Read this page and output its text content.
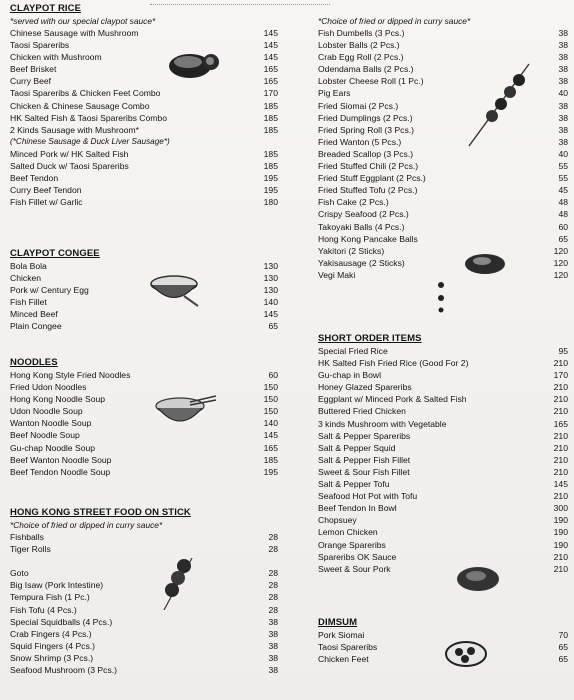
CLAYPOT RICE
*served with our special claypot sauce*
Chinese Sausage with Mushroom	145
Taosi Spareribs	145
Chicken with Mushroom	145
Beef Brisket	165
Curry Beef	165
Taosi Spareribs & Chicken Feet Combo	170
Chicken & Chinese Sausage Combo	185
HK Salted Fish & Taosi Spareribs Combo	185
2 Kinds Sausage with Mushroom*	185
(*Chinese Sausage & Duck Liver Sausage*)
Minced Pork w/ HK Salted Fish	185
Salted Duck w/ Taosi Spareribs	185
Beef Tendon	195
Curry Beef Tendon	195
Fish Fillet w/ Garlic	180
CLAYPOT CONGEE
Bola Bola	130
Chicken	130
Pork w/ Century Egg	130
Fish Fillet	140
Minced Beef	145
Plain Congee	65
NOODLES
Hong Kong Style Fried Noodles	60
Fried Udon Noodles	150
Hong Kong Noodle Soup	150
Udon Noodle Soup	150
Wanton Noodle Soup	140
Beef Noodle Soup	145
Gu-chap Noodle Soup	165
Beef Wanton Noodle Soup	185
Beef Tendon Noodle Soup	195
HONG KONG STREET FOOD ON STICK
*Choice of fried or dipped in curry sauce*
Fishballs	28
Tiger Rolls	28
Goto	28
Big Isaw (Pork Intestine)	28
Tempura Fish (1 Pc.)	28
Fish Tofu (4 Pcs.)	28
Special Squidballs (4 Pcs.)	38
Crab Fingers (4 Pcs.)	38
Squid Fingers (4 Pcs.)	38
Snow Shrimp (3 Pcs.)	38
Seafood Mushroom (3 Pcs.)	38
*Choice of fried or dipped in curry sauce*
Fish Dumbells (3 Pcs.)	38
Lobster Balls (2 Pcs.)	38
Crab Egg Roll (2 Pcs.)	38
Odendama Balls (2 Pcs.)	38
Lobster Cheese Roll (1 Pc.)	38
Pig Ears	40
Fried Siomai (2 Pcs.)	38
Fried Dumplings (2 Pcs.)	38
Fried Spring Roll (3 Pcs.)	38
Fried Wanton (5 Pcs.)	38
Breaded Scallop (3 Pcs.)	40
Fried Stuffed Chili (2 Pcs.)	55
Fried Stuff Eggplant (2 Pcs.)	55
Fried Stuffed Tofu (2 Pcs.)	45
Fish Cake (2 Pcs.)	48
Crispy Seafood (2 Pcs.)	48
Takoyaki Balls (4 Pcs.)	60
Hong Kong Pancake Balls	65
Yakitori (2 Sticks)	120
Yakisausage (2 Sticks)	120
Vegi Maki	120
SHORT ORDER ITEMS
Special Fried Rice	95
HK Salted Fish Fried Rice (Good For 2)	210
Gu-chap in Bowl	170
Honey Glazed Spareribs	210
Eggplant w/ Minced Pork & Salted Fish	210
Buttered Fried Chicken	210
3 kinds Mushroom with Vegetable	165
Salt & Pepper Spareribs	210
Salt & Pepper Squid	210
Salt & Pepper Fish Fillet	210
Sweet & Sour Fish Fillet	210
Salt & Pepper Tofu	145
Seafood Hot Pot with Tofu	210
Beef Tendon In Bowl	300
Chopsuey	190
Lemon Chicken	190
Orange Spareribs	190
Spareribs OK Sauce	210
Sweet & Sour Pork	210
DIMSUM
Pork Siomai	70
Taosi Spareribs	65
Chicken Feet	65
